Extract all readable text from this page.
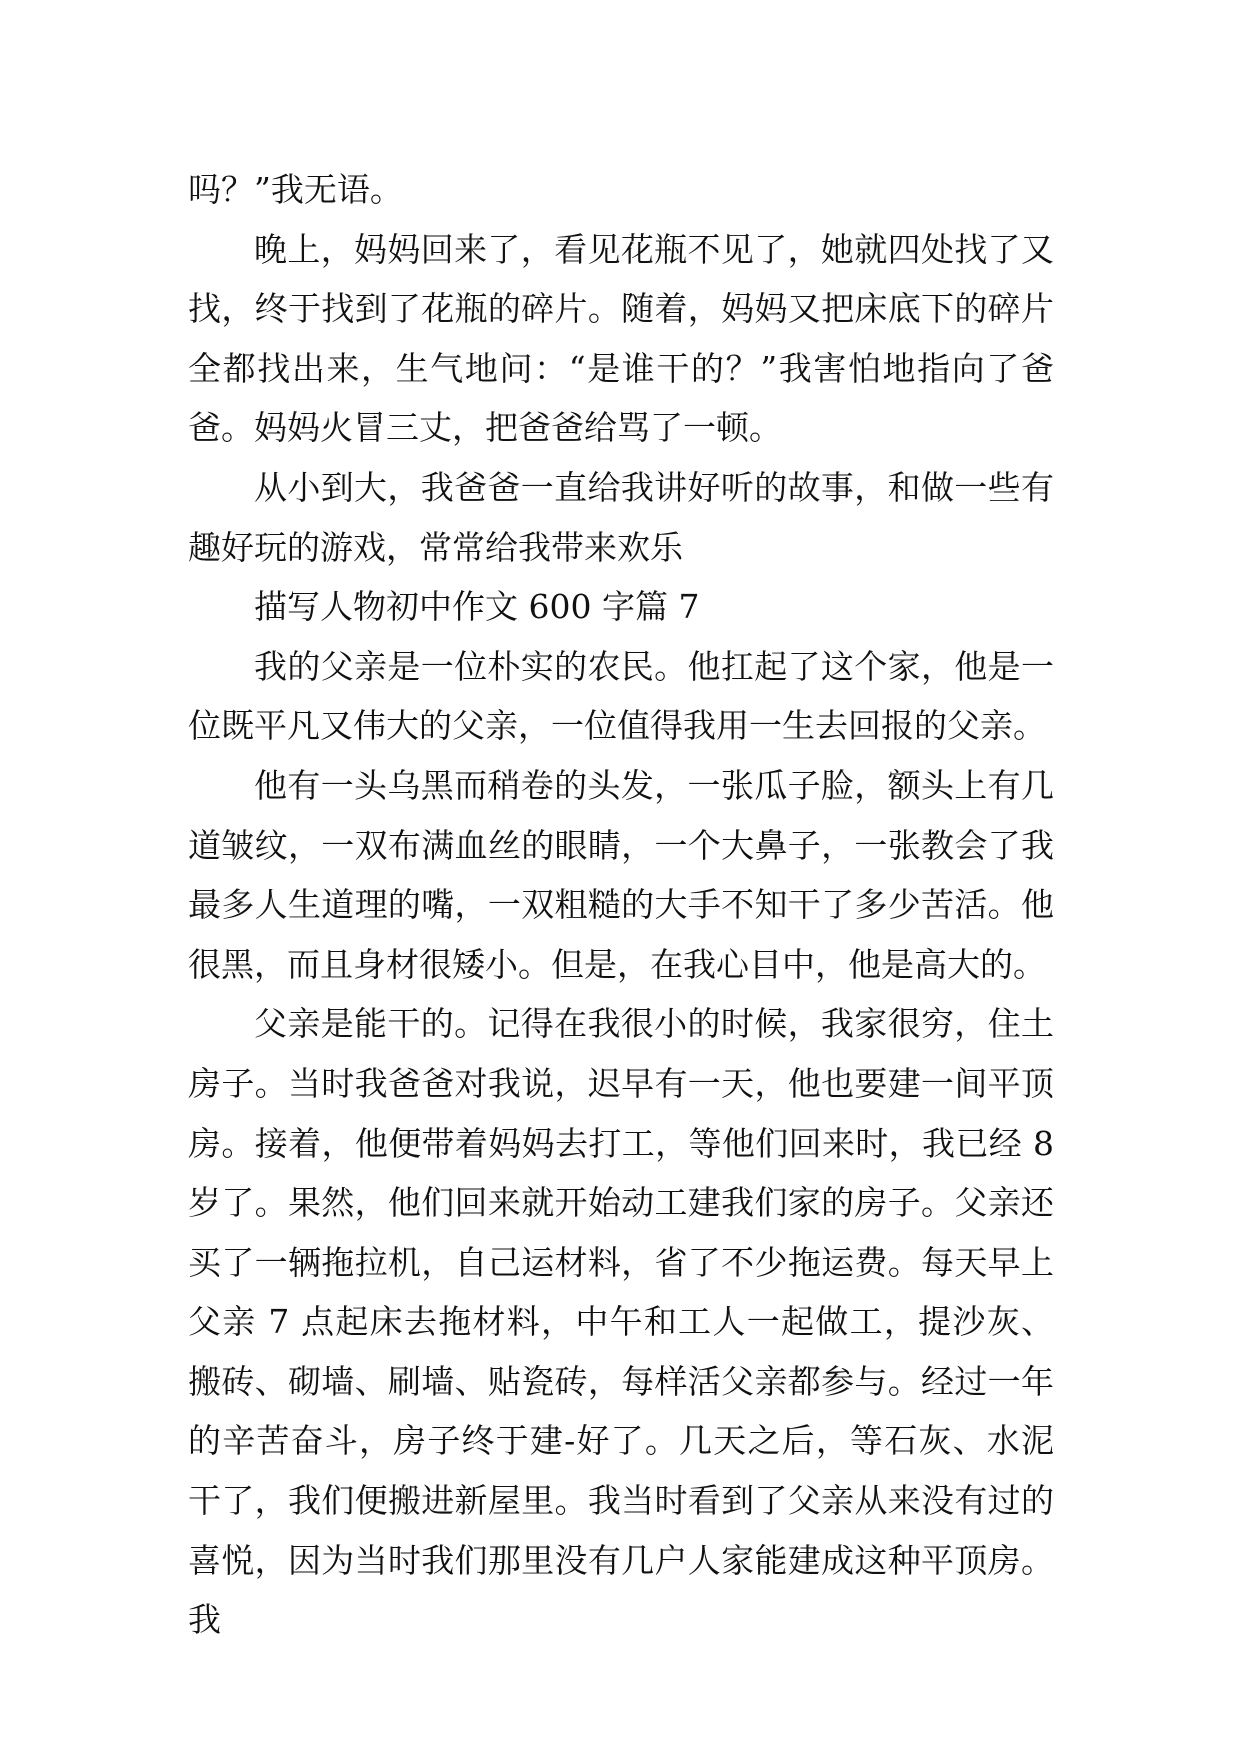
吗？”我无语。

晚上，妈妈回来了，看见花瓶不见了，她就四处找了又找，终于找到了花瓶的碎片。随着，妈妈又把床底下的碎片全都找出来，生气地问：“是谁干的？”我害怕地指向了爸爸。妈妈火冒三丈，把爸爸给骂了一顿。

从小到大，我爸爸一直给我讲好听的故事，和做一些有趣好玩的游戏，常常给我带来欢乐

描写人物初中作文 600 字篇 7

我的父亲是一位朴实的农民。他扛起了这个家，他是一位既平凡又伟大的父亲，一位值得我用一生去回报的父亲。

他有一头乌黑而稍卷的头发，一张瓜子脸，额头上有几道皱纹，一双布满血丝的眼睛，一个大鼻子，一张教会了我最多人生道理的嘴，一双粗糙的大手不知干了多少苦活。他很黑，而且身材很矮小。但是，在我心目中，他是高大的。

父亲是能干的。记得在我很小的时候，我家很穷，住土房子。当时我爸爸对我说，迟早有一天，他也要建一间平顶房。接着，他便带着妈妈去打工，等他们回来时，我已经 8岁了。果然，他们回来就开始动工建我们家的房子。父亲还买了一辆拖拉机，自己运材料，省了不少拖运费。每天早上父亲 7 点起床去拖材料，中午和工人一起做工，提沙灰、搬砖、砌墙、刷墙、贴瓷砖，每样活父亲都参与。经过一年的辛苦奋斗，房子终于建-好了。几天之后，等石灰、水泥干了，我们便搬进新屋里。我当时看到了父亲从来没有过的喜悦，因为当时我们那里没有几户人家能建成这种平顶房。我
